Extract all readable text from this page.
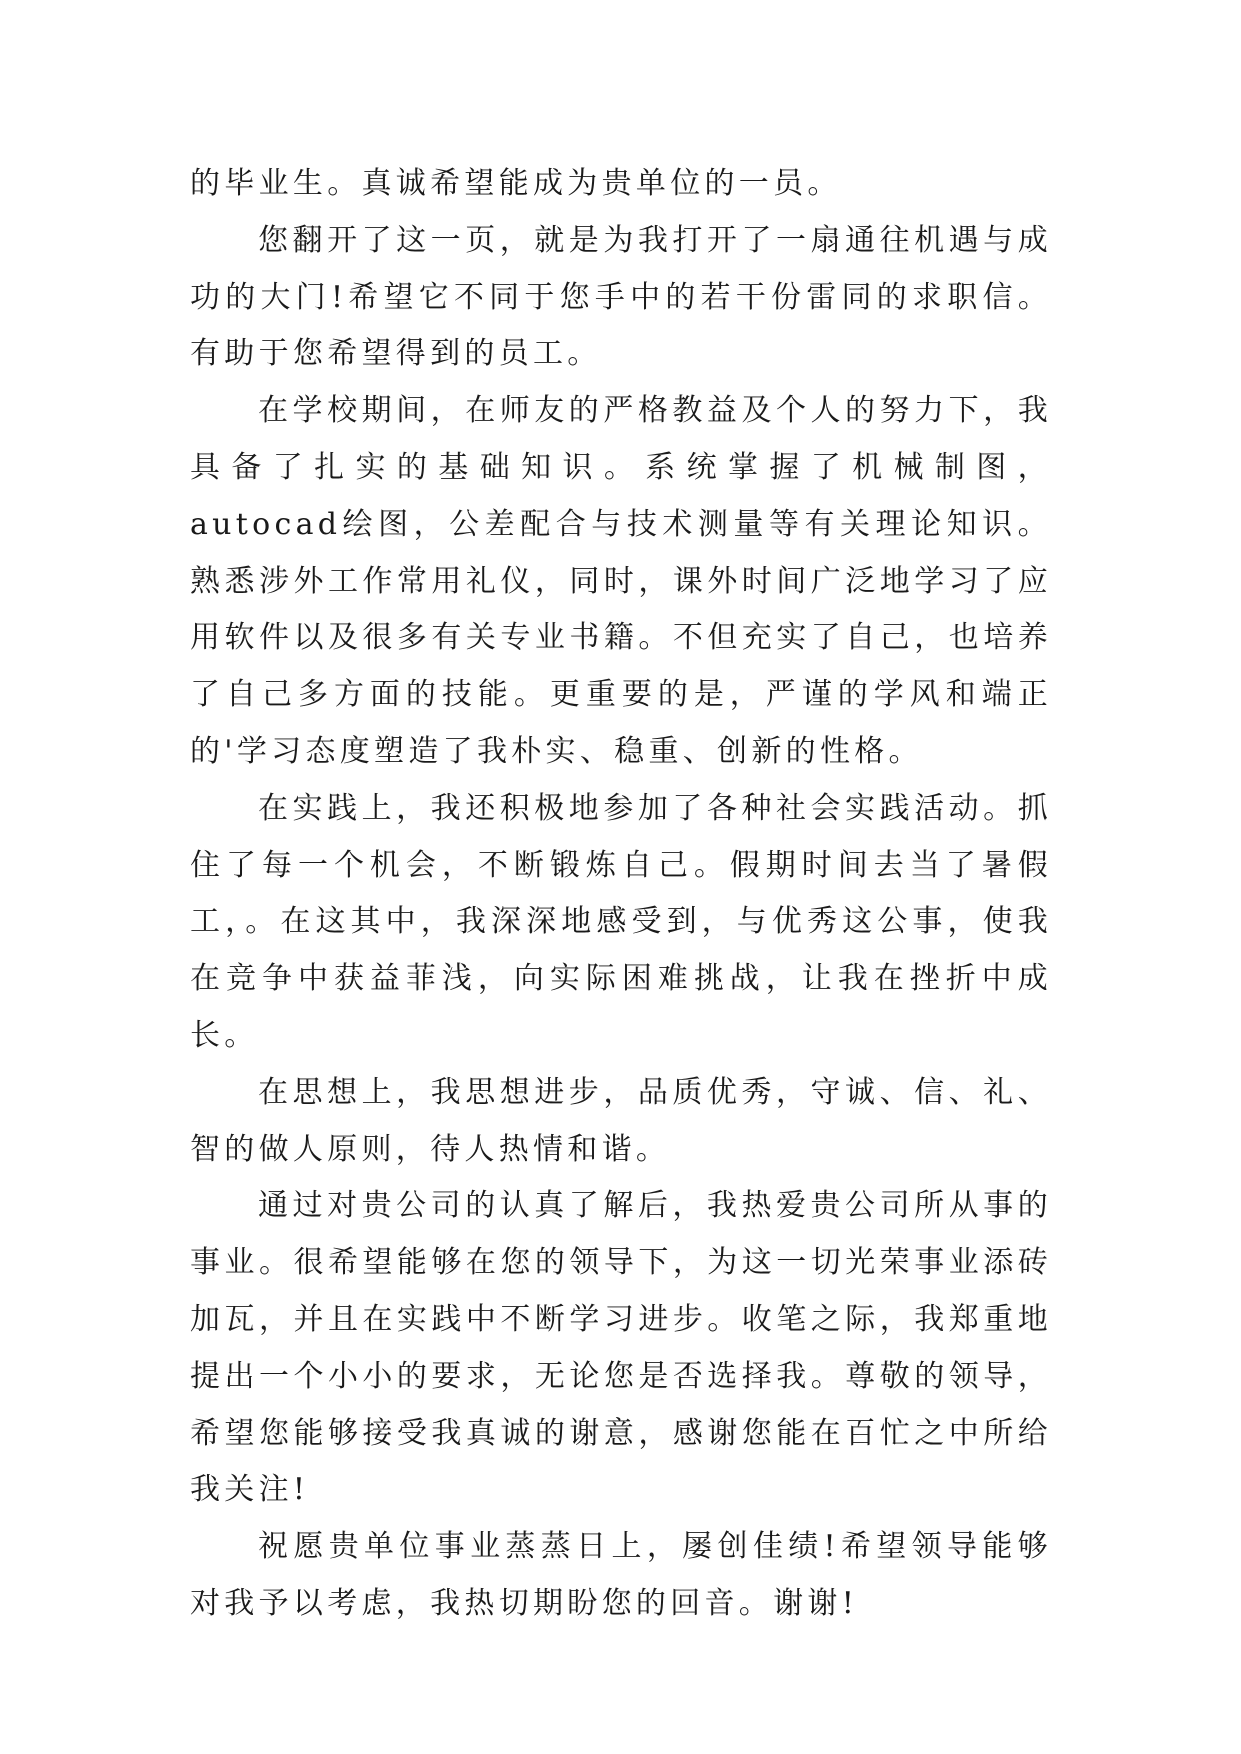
的毕业生。真诚希望能成为贵单位的一员。

您翻开了这一页，就是为我打开了一扇通往机遇与成功的大门!希望它不同于您手中的若干份雷同的求职信。有助于您希望得到的员工。

在学校期间，在师友的严格教益及个人的努力下，我具备了扎实的基础知识。系统掌握了机械制图，autocad绘图，公差配合与技术测量等有关理论知识。熟悉涉外工作常用礼仪，同时，课外时间广泛地学习了应用软件以及很多有关专业书籍。不但充实了自己，也培养了自己多方面的技能。更重要的是，严谨的学风和端正的'学习态度塑造了我朴实、稳重、创新的性格。

在实践上，我还积极地参加了各种社会实践活动。抓住了每一个机会，不断锻炼自己。假期时间去当了暑假工，。在这其中，我深深地感受到，与优秀这公事，使我在竞争中获益菲浅，向实际困难挑战，让我在挫折中成长。

在思想上，我思想进步，品质优秀，守诚、信、礼、智的做人原则，待人热情和谐。

通过对贵公司的认真了解后，我热爱贵公司所从事的事业。很希望能够在您的领导下，为这一切光荣事业添砖加瓦，并且在实践中不断学习进步。收笔之际，我郑重地提出一个小小的要求，无论您是否选择我。尊敬的领导，希望您能够接受我真诚的谢意，感谢您能在百忙之中所给我关注!

祝愿贵单位事业蒸蒸日上，屡创佳绩!希望领导能够对我予以考虑，我热切期盼您的回音。谢谢!
